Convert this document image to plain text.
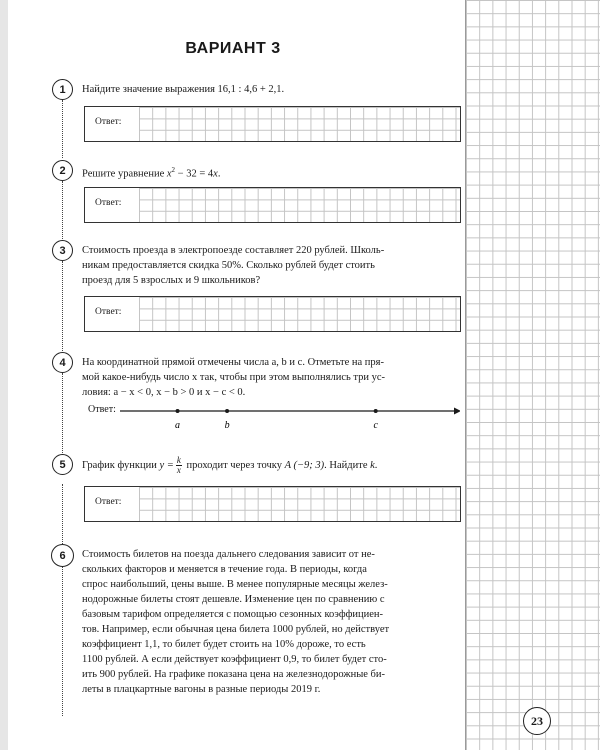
ВАРИАНТ 3
1	Найдите значение выражения 16,1 : 4,6 + 2,1.
Ответ:
2	Решите уравнение $x^2 - 32 = 4x$.
Ответ:
3	Стоимость проезда в электропоезде составляет 220 рублей. Школь-
никам предоставляется скидка 50%. Сколько рублей будет стоить
проезд для 5 взрослых и 9 школьников?
Ответ:
4	На координатной прямой отмечены числа a, b и c. Отметьте на пря-
мой какое-нибудь число x так, чтобы при этом выполнялись три ус-
ловия: a − x < 0, x − b > 0 и x − c < 0.
Ответ:
a	b	c
5	График функции $y = \frac{k}{x}$ проходит через точку A (−9; 3). Найдите k.
Ответ:
6	Стоимость билетов на поезда дальнего следования зависит от не-
скольких факторов и меняется в течение года. В периоды, когда
спрос наибольший, цены выше. В менее популярные месяцы желез-
нодорожные билеты стоят дешевле. Изменение цен по сравнению с
базовым тарифом определяется с помощью сезонных коэффициен-
тов. Например, если обычная цена билета 1000 рублей, но действует
коэффициент 1,1, то билет будет стоить на 10% дороже, то есть
1100 рублей. А если действует коэффициент 0,9, то билет будет сто-
ить 900 рублей. На графике показана цена на железнодорожные би-
леты в плацкартные вагоны в разные периоды 2019 г.
23
